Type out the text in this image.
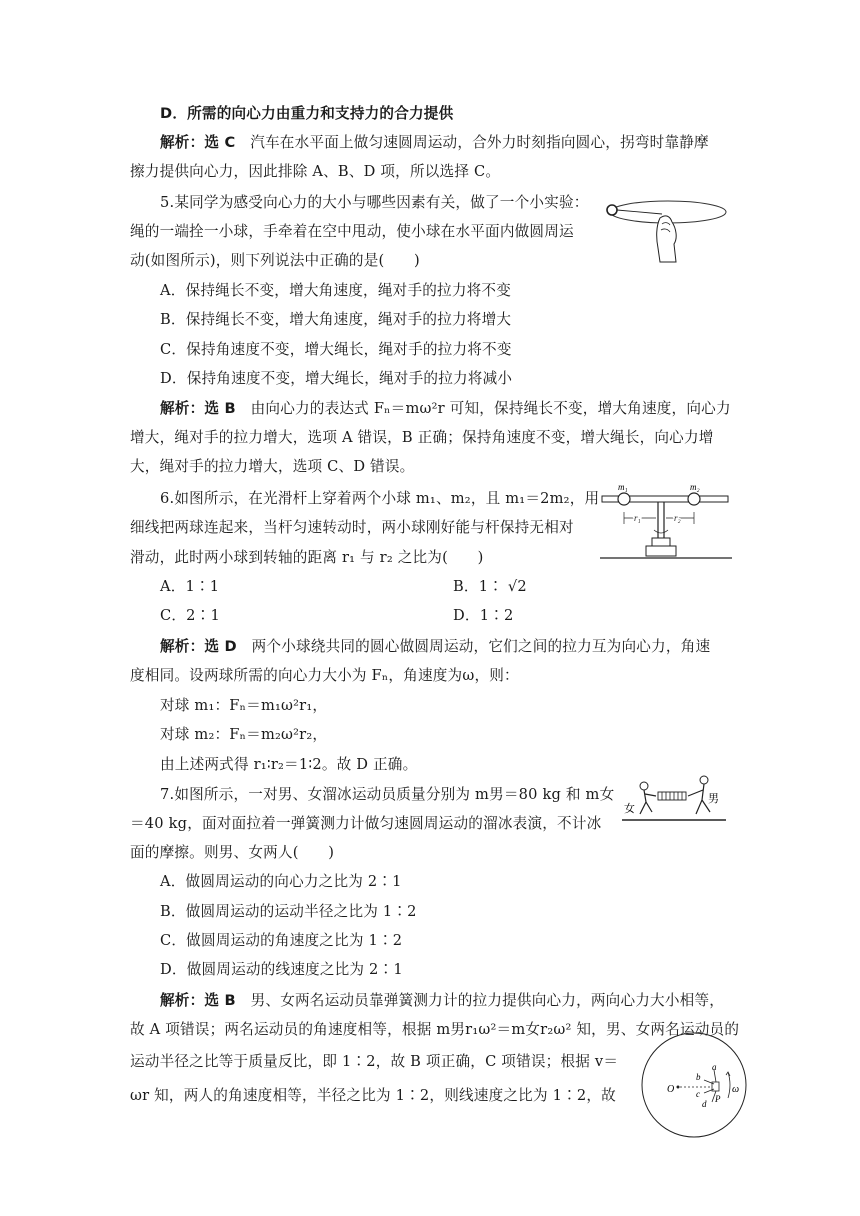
D．所需的向心力由重力和支持力的合力提供
解析：选 C 汽车在水平面上做匀速圆周运动，合外力时刻指向圆心，拐弯时靠静摩
擦力提供向心力，因此排除 A、B、D 项，所以选择 C。
5.某同学为感受向心力的大小与哪些因素有关，做了一个小实验：
绳的一端拴一小球，手牵着在空中甩动，使小球在水平面内做圆周运
动(如图所示)，则下列说法中正确的是(　　)
A．保持绳长不变，增大角速度，绳对手的拉力将不变
B．保持绳长不变，增大角速度，绳对手的拉力将增大
C．保持角速度不变，增大绳长，绳对手的拉力将不变
D．保持角速度不变，增大绳长，绳对手的拉力将减小
解析：选 B 由向心力的表达式 Fₙ＝mω²r 可知，保持绳长不变，增大角速度，向心力
增大，绳对手的拉力增大，选项 A 错误，B 正确；保持角速度不变，增大绳长，向心力增
大，绳对手的拉力增大，选项 C、D 错误。
6.如图所示，在光滑杆上穿着两个小球 m₁、m₂，且 m₁＝2m₂，用
细线把两球连起来，当杆匀速转动时，两小球刚好能与杆保持无相对
滑动，此时两小球到转轴的距离 r₁ 与 r₂ 之比为(　　)
A．1∶1	B．1∶ √2
C．2∶1	D．1∶2
解析：选 D 两个小球绕共同的圆心做圆周运动，它们之间的拉力互为向心力，角速
度相同。设两球所需的向心力大小为 Fₙ，角速度为ω，则：
对球 m₁：Fₙ＝m₁ω²r₁，
对球 m₂：Fₙ＝m₂ω²r₂，
由上述两式得 r₁∶r₂＝1∶2。故 D 正确。
m₁	m₂
r₁	r₂
7.如图所示，一对男、女溜冰运动员质量分别为 m男＝80 kg 和 m女
＝40 kg，面对面拉着一弹簧测力计做匀速圆周运动的溜冰表演，不计冰
面的摩擦。则男、女两人(　　)
A．做圆周运动的向心力之比为 2∶1
B．做圆周运动的运动半径之比为 1∶2
C．做圆周运动的角速度之比为 1∶2
D．做圆周运动的线速度之比为 2∶1
解析：选 B 男、女两名运动员靠弹簧测力计的拉力提供向心力，两向心力大小相等，
故 A 项错误；两名运动员的角速度相等，根据 m男r₁ω²＝m女r₂ω² 知，男、女两名运动员的
运动半径之比等于质量反比，即 1∶2，故 B 项正确，C 项错误；根据 v＝
ωr 知，两人的角速度相等，半径之比为 1∶2，则线速度之比为 1∶2，故
女
男
O
a
b
c
d P
ω
